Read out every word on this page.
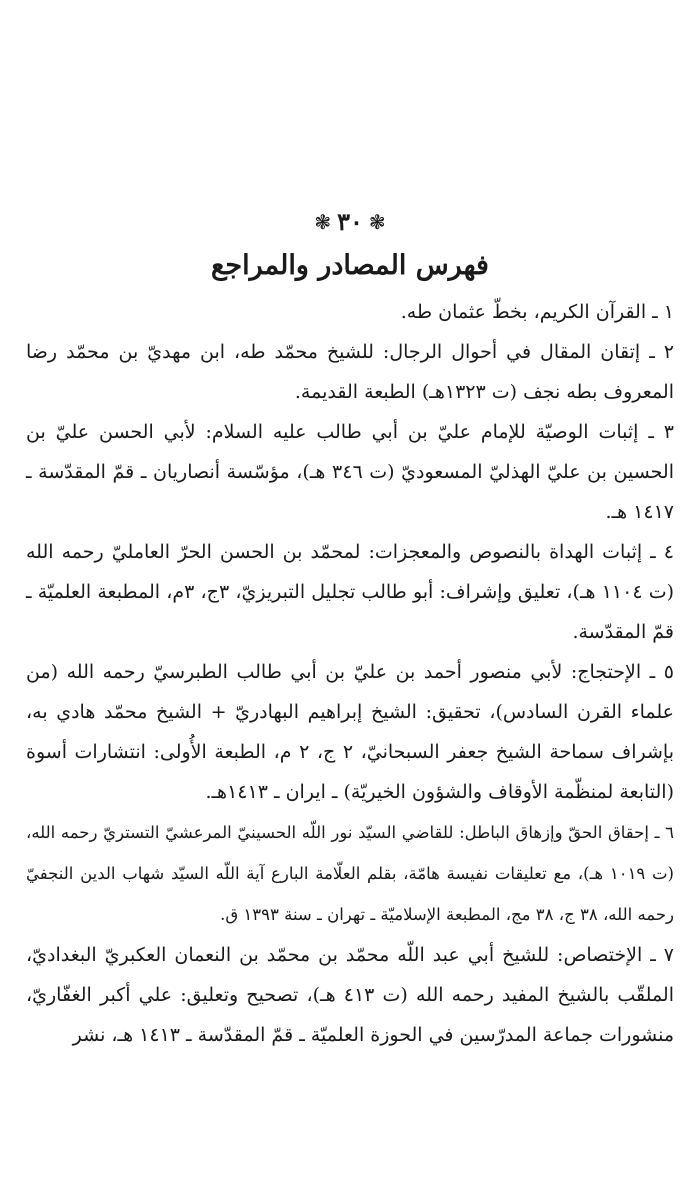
❃٣٠❃
فهرس المصادر والمراجع
١ ـ القرآن الكريم، بخطّ عثمان طه.
٢ ـ إتقان المقال في أحوال الرجال: للشيخ محمّد طه، ابن مهديّ بن محمّد رضا المعروف بطه نجف (ت ١٣٢٣هـ) الطبعة القديمة.
٣ ـ إثبات الوصيّة للإمام عليّ بن أبي طالب عليه السلام: لأبي الحسن عليّ بن الحسين بن عليّ الهذليّ المسعوديّ (ت ٣٤٦ هـ)، مؤسّسة أنصاريان ـ قمّ المقدّسة ـ ١٤١٧ هـ.
٤ ـ إثبات الهداة بالنصوص والمعجزات: لمحمّد بن الحسن الحرّ العامليّ رحمه الله (ت ١١٠٤ هـ)، تعليق وإشراف: أبو طالب تجليل التبريزيّ، ٣ج، ٣م، المطبعة العلميّة ـ قمّ المقدّسة.
٥ ـ الإحتجاج: لأبي منصور أحمد بن عليّ بن أبي طالب الطبرسيّ رحمه الله (من علماء القرن السادس)، تحقيق: الشيخ إبراهيم البهادريّ + الشيخ محمّد هادي به، بإشراف سماحة الشيخ جعفر السبحانيّ، ٢ ج، ٢ م، الطبعة الأُولى: انتشارات أسوة (التابعة لمنظّمة الأوقاف والشؤون الخيريّة) ـ ايران ـ ١٤١٣هـ.
٦ ـ إحقاق الحقّ وإزهاق الباطل: للقاضي السيّد نور اللّه الحسينيّ المرعشيّ التستريّ رحمه الله،(ت ١٠١٩ هـ)، مع تعليقات نفيسة هامّة، بقلم العلّامة البارع آية اللّه السيّد شهاب الدين النجفيّ رحمه الله، ٣٨ ج، ٣٨ مج، المطبعة الإسلاميّة ـ تهران ـ سنة ١٣٩٣ ق.
٧ ـ الإختصاص: للشيخ أبي عبد اللّه محمّد بن محمّد بن النعمان العكبريّ البغداديّ، الملقّب بالشيخ المفيد رحمه الله (ت ٤١٣ هـ)، تصحيح وتعليق: علي أكبر الغفّاريّ، منشورات جماعة المدرّسين في الحوزة العلميّة ـ قمّ المقدّسة ـ ١٤١٣ هـ، نشر
